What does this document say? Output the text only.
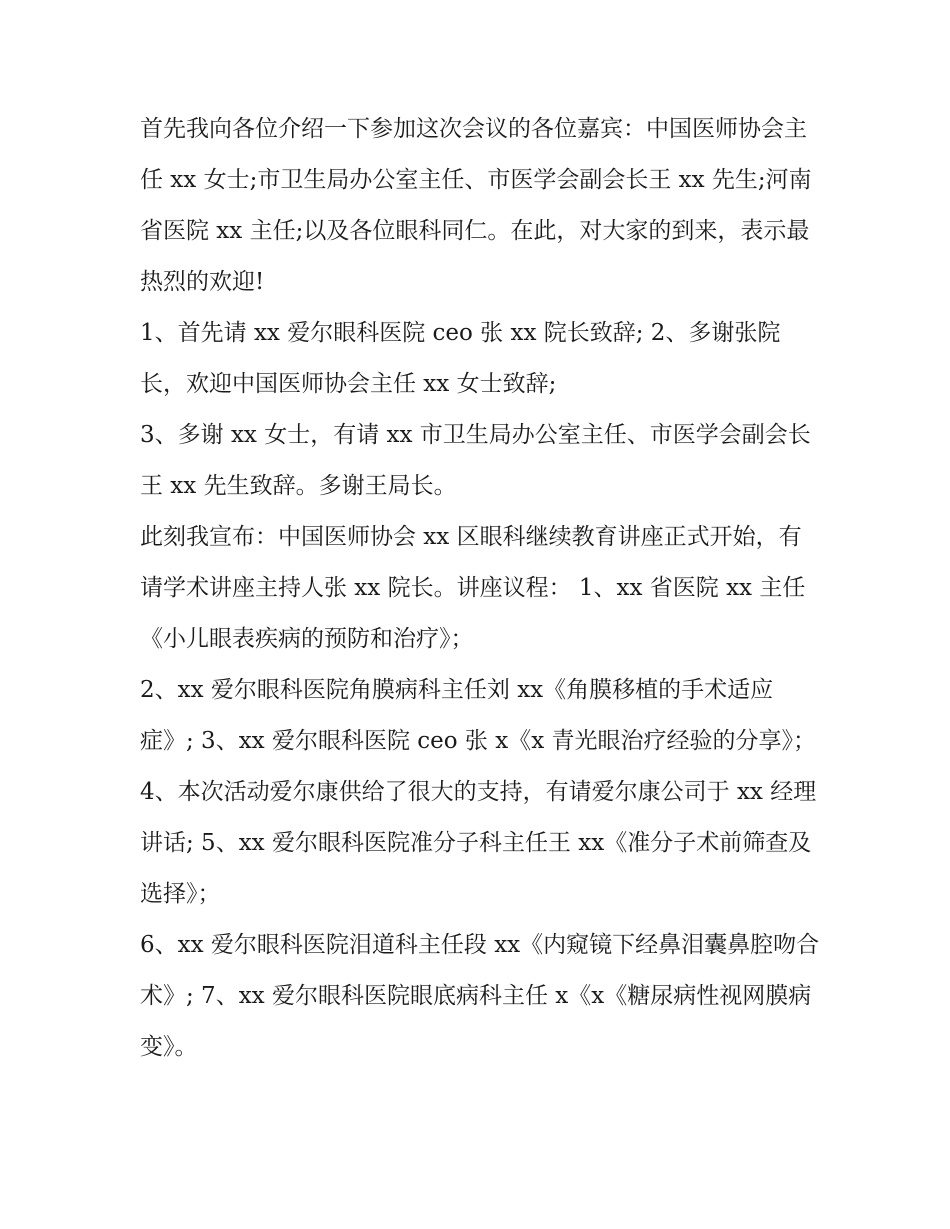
首先我向各位介绍一下参加这次会议的各位嘉宾：中国医师协会主任 xx 女士;市卫生局办公室主任、市医学会副会长王 xx 先生;河南省医院 xx 主任;以及各位眼科同仁。在此，对大家的到来，表示最热烈的欢迎!

1、首先请 xx 爱尔眼科医院 ceo 张 xx 院长致辞; 2、多谢张院长，欢迎中国医师协会主任 xx 女士致辞;

3、多谢 xx 女士，有请 xx 市卫生局办公室主任、市医学会副会长王 xx 先生致辞。多谢王局长。

此刻我宣布：中国医师协会 xx 区眼科继续教育讲座正式开始，有请学术讲座主持人张 xx 院长。讲座议程： 1、xx 省医院 xx 主任《小儿眼表疾病的预防和治疗》；

2、xx 爱尔眼科医院角膜病科主任刘 xx《角膜移植的手术适应症》; 3、xx 爱尔眼科医院 ceo 张 x《x 青光眼治疗经验的分享》；

4、本次活动爱尔康供给了很大的支持，有请爱尔康公司于 xx 经理讲话; 5、xx 爱尔眼科医院准分子科主任王 xx《准分子术前筛查及选择》；

6、xx 爱尔眼科医院泪道科主任段 xx《内窥镜下经鼻泪囊鼻腔吻合术》; 7、xx 爱尔眼科医院眼底病科主任 x《x《糖尿病性视网膜病变》。
